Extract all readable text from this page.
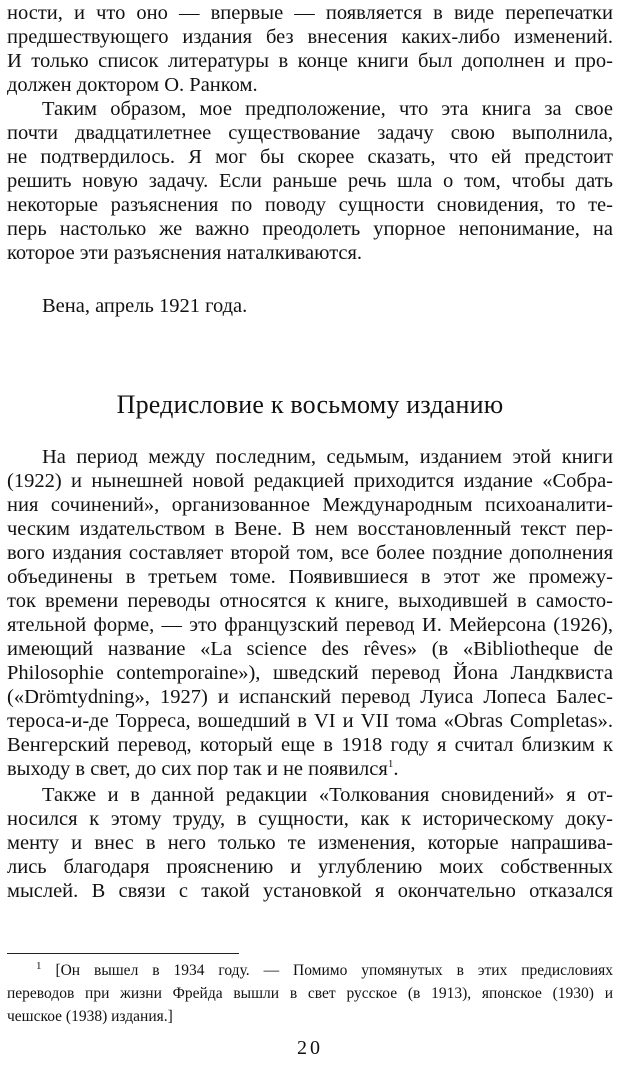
ности, и что оно — впервые — появляется в виде перепечатки
предшествующего издания без внесения каких-либо изменений.
И только список литературы в конце книги был дополнен и про-
должен доктором О. Ранком.
Таким образом, мое предположение, что эта книга за свое
почти двадцатилетнее существование задачу свою выполнила,
не подтвердилось. Я мог бы скорее сказать, что ей предстоит
решить новую задачу. Если раньше речь шла о том, чтобы дать
некоторые разъяснения по поводу сущности сновидения, то те-
перь настолько же важно преодолеть упорное непонимание, на
которое эти разъяснения наталкиваются.
Вена, апрель 1921 года.
Предисловие к восьмому изданию
На период между последним, седьмым, изданием этой книги
(1922) и нынешней новой редакцией приходится издание «Собра-
ния сочинений», организованное Международным психоаналити-
ческим издательством в Вене. В нем восстановленный текст пер-
вого издания составляет второй том, все более поздние дополнения
объединены в третьем томе. Появившиеся в этот же промежу-
ток времени переводы относятся к книге, выходившей в самосто-
ятельной форме, — это французский перевод И. Мейерсона (1926),
имеющий название «La science des rêves» (в «Bibliotheque de
Philosophie contemporaine»), шведский перевод Йона Ландквиста
(«Drömtydning», 1927) и испанский перевод Луиса Лопеса Балес-
тероса-и-де Торреса, вошедший в VI и VII тома «Obras Completas».
Венгерский перевод, который еще в 1918 году я считал близким к
выходу в свет, до сих пор так и не появился$^1$.
Также и в данной редакции «Толкования сновидений» я от-
носился к этому труду, в сущности, как к историческому доку-
менту и внес в него только те изменения, которые напрашива-
лись благодаря прояснению и углублению моих собственных
мыслей. В связи с такой установкой я окончательно отказался
$^1$ [Он вышел в 1934 году. — Помимо упомянутых в этих предисловиях
переводов при жизни Фрейда вышли в свет русское (в 1913), японское (1930) и
чешское (1938) издания.]
20
